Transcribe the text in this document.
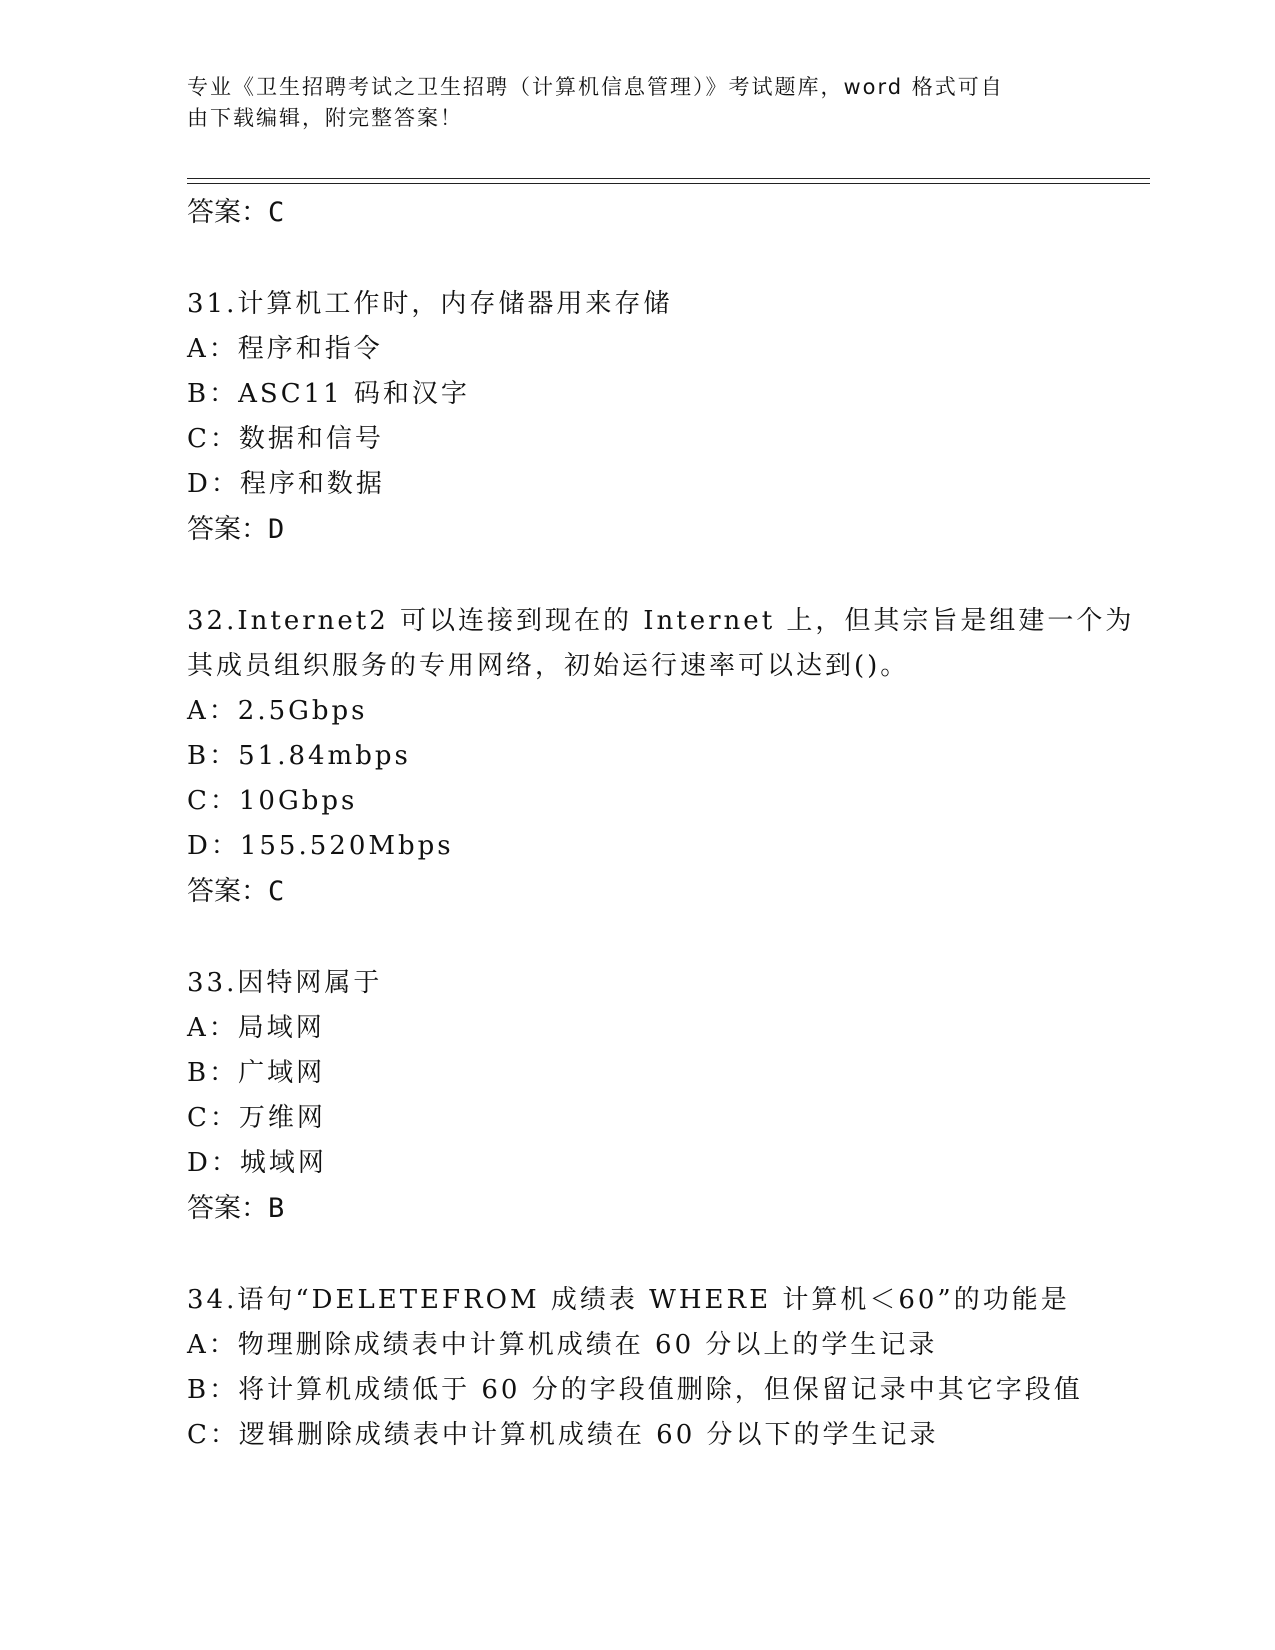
专业《卫生招聘考试之卫生招聘（计算机信息管理）》考试题库，word 格式可自
由下载编辑，附完整答案！
答案：C
31.计算机工作时，内存储器用来存储
A：程序和指令
B：ASC11 码和汉字
C：数据和信号
D：程序和数据
答案：D
32.Internet2 可以连接到现在的 Internet 上，但其宗旨是组建一个为
其成员组织服务的专用网络，初始运行速率可以达到()。
A：2.5Gbps
B：51.84mbps
C：10Gbps
D：155.520Mbps
答案：C
33.因特网属于
A：局域网
B：广域网
C：万维网
D：城域网
答案：B
34.语句“DELETEFROM 成绩表 WHERE 计算机＜60”的功能是
A：物理删除成绩表中计算机成绩在 60 分以上的学生记录
B：将计算机成绩低于 60 分的字段值删除，但保留记录中其它字段值
C：逻辑删除成绩表中计算机成绩在 60 分以下的学生记录
